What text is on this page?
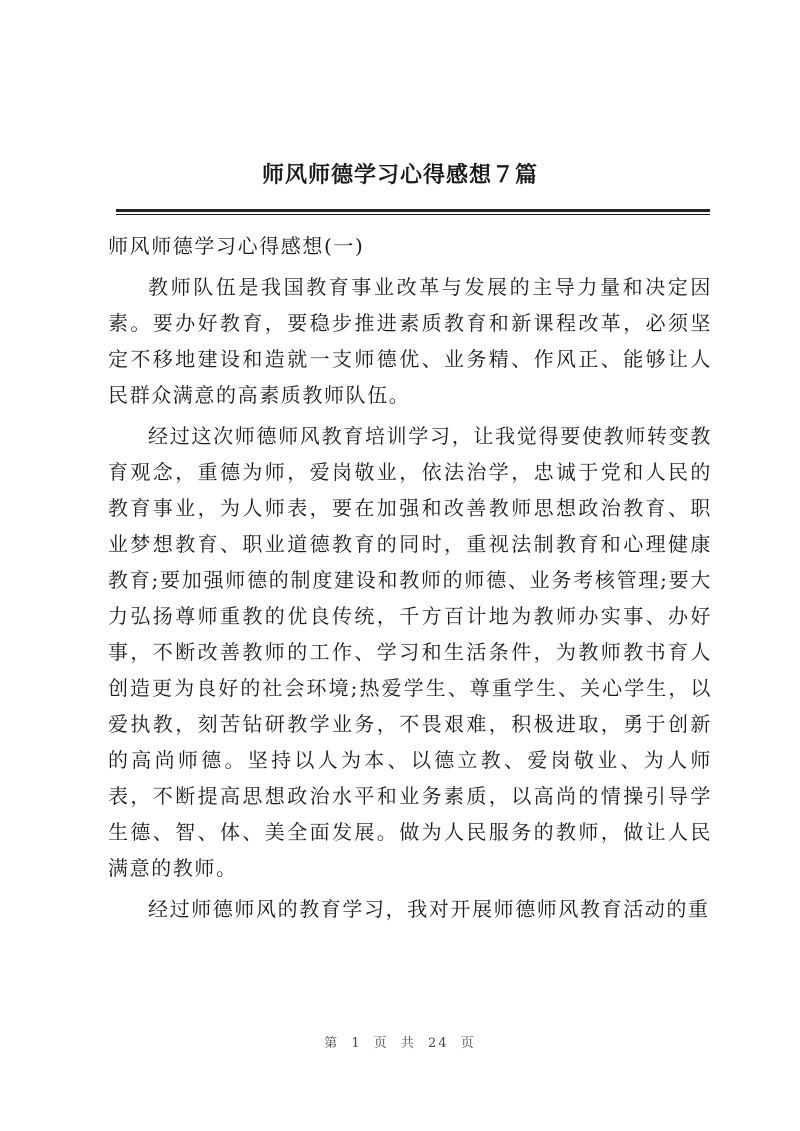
师风师德学习心得感想７篇
师风师德学习心得感想(一)

教师队伍是我国教育事业改革与发展的主导力量和决定因素。要办好教育，要稳步推进素质教育和新课程改革，必须坚定不移地建设和造就一支师德优、业务精、作风正、能够让人民群众满意的高素质教师队伍。

经过这次师德师风教育培训学习，让我觉得要使教师转变教育观念，重德为师，爱岗敬业，依法治学，忠诚于党和人民的教育事业，为人师表，要在加强和改善教师思想政治教育、职业梦想教育、职业道德教育的同时，重视法制教育和心理健康教育;要加强师德的制度建设和教师的师德、业务考核管理;要大力弘扬尊师重教的优良传统，千方百计地为教师办实事、办好事，不断改善教师的工作、学习和生活条件，为教师教书育人创造更为良好的社会环境;热爱学生、尊重学生、关心学生，以爱执教，刻苦钻研教学业务，不畏艰难，积极进取，勇于创新的高尚师德。坚持以人为本、以德立教、爱岗敬业、为人师表，不断提高思想政治水平和业务素质，以高尚的情操引导学生德、智、体、美全面发展。做为人民服务的教师，做让人民满意的教师。

经过师德师风的教育学习，我对开展师德师风教育活动的重

第 1 页 共 24 页
